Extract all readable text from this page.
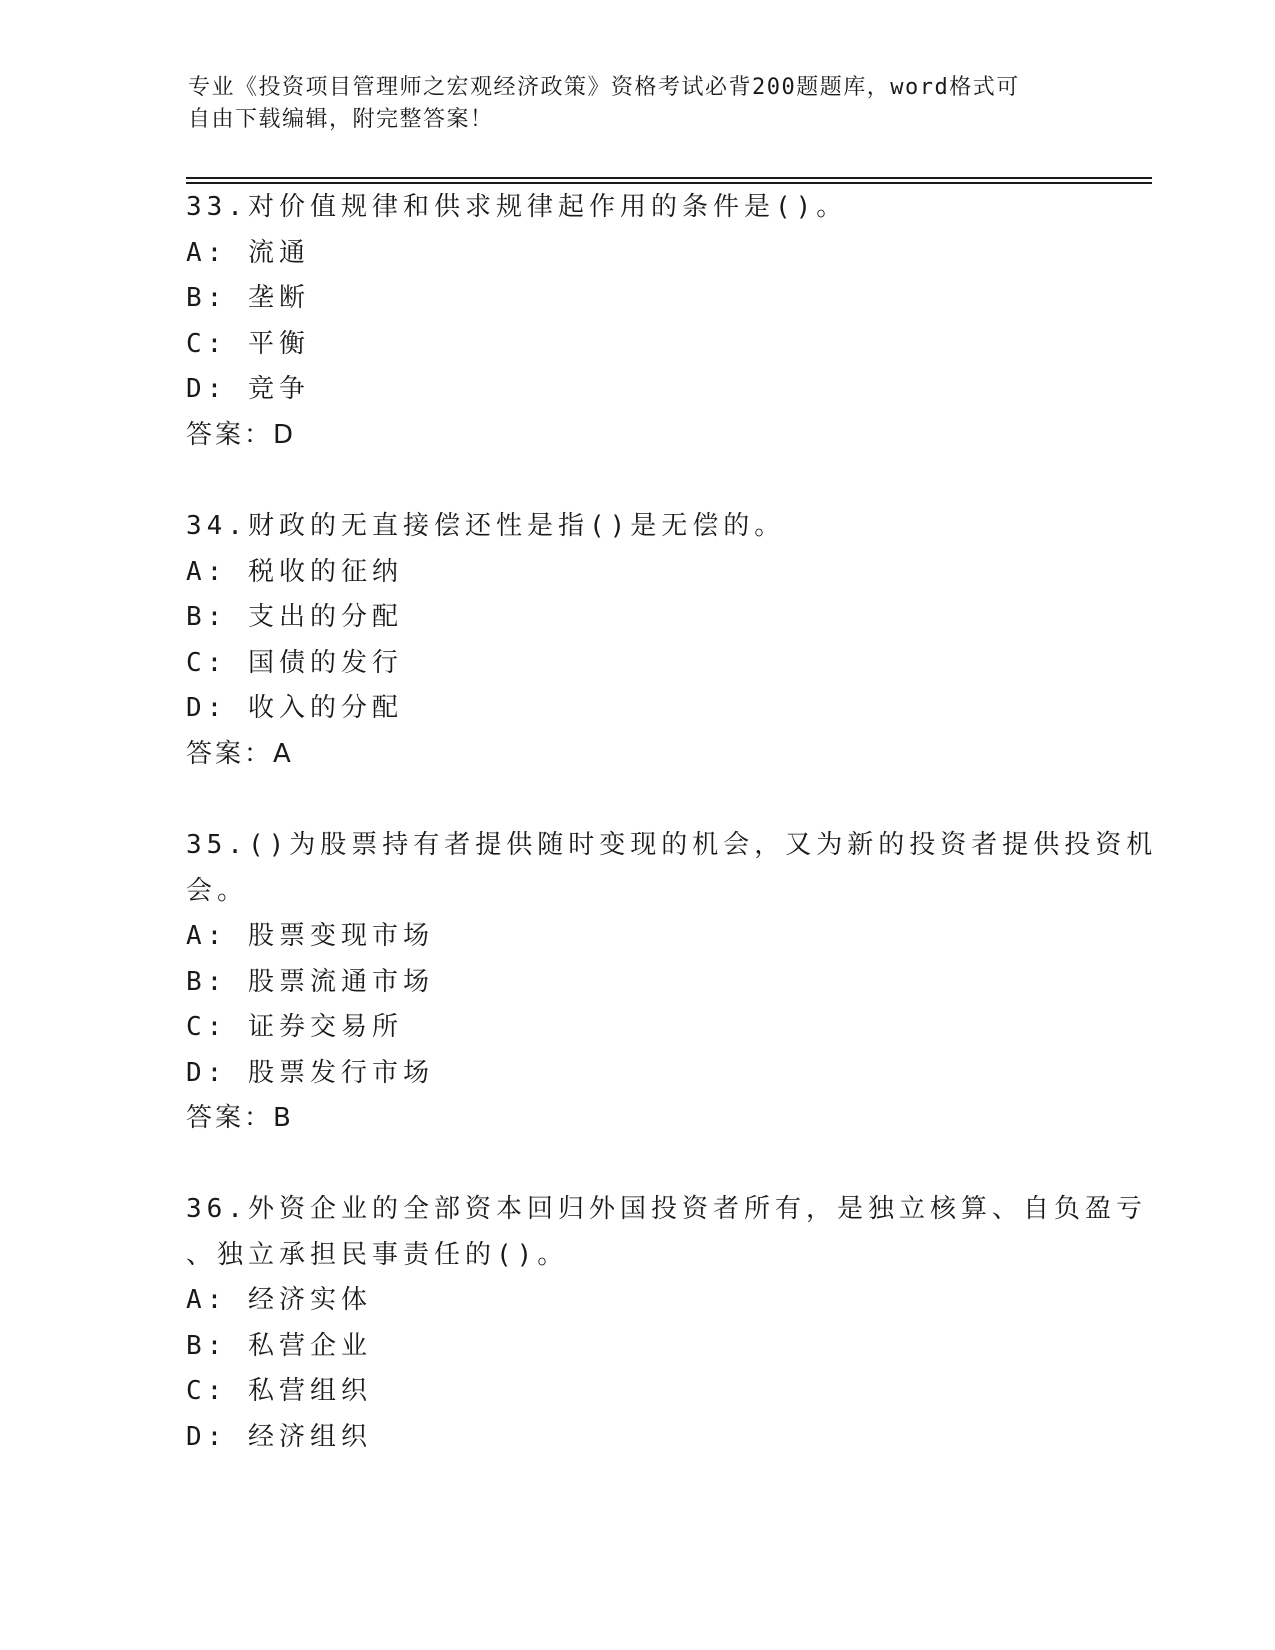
专业《投资项目管理师之宏观经济政策》资格考试必背200题题库，word格式可
自由下载编辑，附完整答案！
33.对价值规律和供求规律起作用的条件是()。
A: 流通
B: 垄断
C: 平衡
D: 竞争
答案：D
34.财政的无直接偿还性是指()是无偿的。
A: 税收的征纳
B: 支出的分配
C: 国债的发行
D: 收入的分配
答案：A
35.()为股票持有者提供随时变现的机会，又为新的投资者提供投资机
会。
A: 股票变现市场
B: 股票流通市场
C: 证券交易所
D: 股票发行市场
答案：B
36.外资企业的全部资本回归外国投资者所有，是独立核算、自负盈亏
、独立承担民事责任的()。
A: 经济实体
B: 私营企业
C: 私营组织
D: 经济组织
